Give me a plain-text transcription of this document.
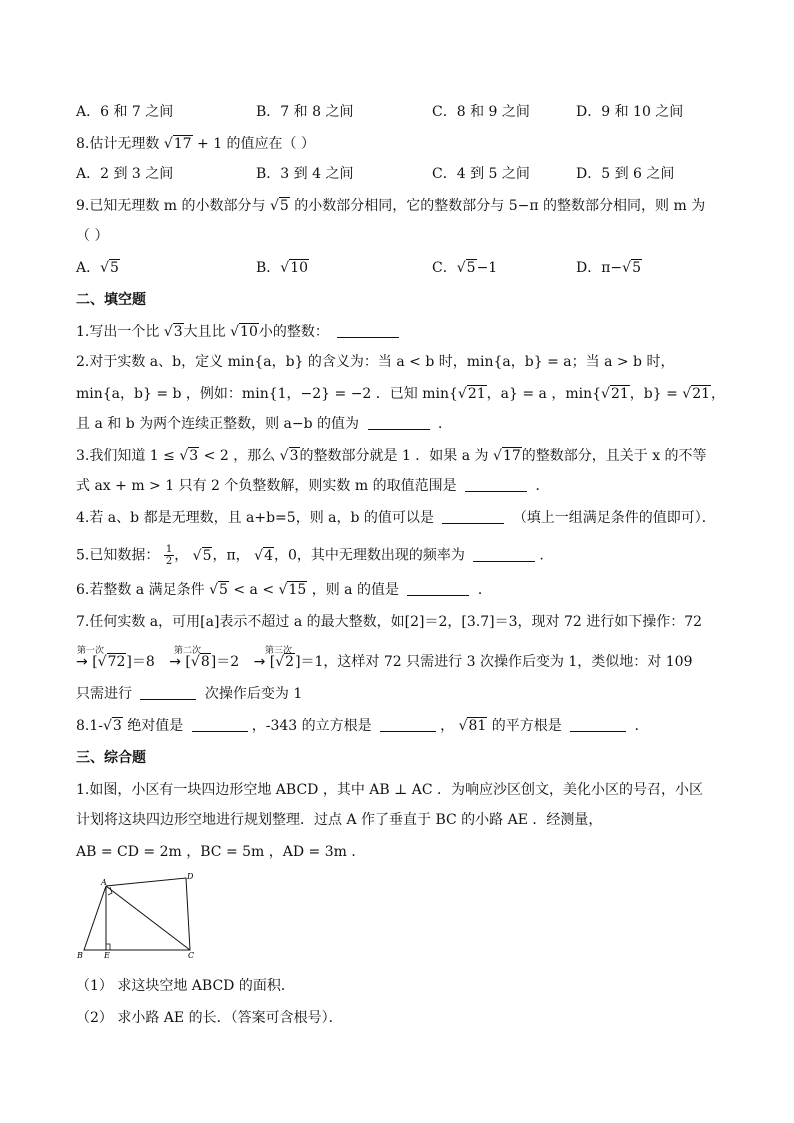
A．6 和 7 之间	B．7 和 8 之间	C．8 和 9 之间	D．9 和 10 之间
8.估计无理数 √17 + 1 的值应在（ ）
A．2 到 3 之间	B．3 到 4 之间	C．4 到 5 之间	D．5 到 6 之间
9.已知无理数 m 的小数部分与 √5 的小数部分相同，它的整数部分与 5−π 的整数部分相同，则 m 为
（ ）
A．√5	B．√10	C．√5−1	D．π−√5
二、填空题
1.写出一个比 √3大且比 √10小的整数：
2.对于实数 a、b，定义 min{a，b} 的含义为：当 a < b 时，min{a，b} = a；当 a > b 时，
min{a，b} = b ，例如：min{1，−2} = −2 ．已知 min{√21，a} = a ，min{√21，b} = √21，
且 a 和 b 为两个连续正整数，则 a−b 的值为	．
3.我们知道 1 ≤ √3 < 2 ，那么 √3的整数部分就是 1 ．如果 a 为 √17的整数部分，且关于 x 的不等
式 ax + m > 1 只有 2 个负整数解，则实数 m 的取值范围是	．
4.若 a、b 都是无理数，且 a+b=5，则 a，b 的值可以是	（填上一组满足条件的值即可）．
5.已知数据： $\frac{1}{2}$ ， √5，π， √4，0，其中无理数出现的频率为	.
6.若整数 a 满足条件 √5 < a < √15 ，则 a 的值是	．
7.任何实数 a，可用[a]表示不超过 a 的最大整数，如[2]＝2，[3.7]＝3，现对 72 进行如下操作：72
→ [√72]＝8 → [√8]＝2 → [√2]＝1，这样对 72 只需进行 3 次操作后变为 1，类似地：对 109
第一次	第二次	第三次
只需进行	次操作后变为 1
8.1-√3 绝对值是	，-343 的立方根是	， √81 的平方根是	．
三、综合题
1.如图，小区有一块四边形空地 ABCD ，其中 AB ⊥ AC ．为响应沙区创文，美化小区的号召，小区
计划将这块四边形空地进行规划整理．过点 A 作了垂直于 BC 的小路 AE ．经测量，
AB = CD = 2m ，BC = 5m ，AD = 3m ．
A
B	C
D
E
（1） 求这块空地 ABCD 的面积．
（2） 求小路 AE 的长．（答案可含根号）．
